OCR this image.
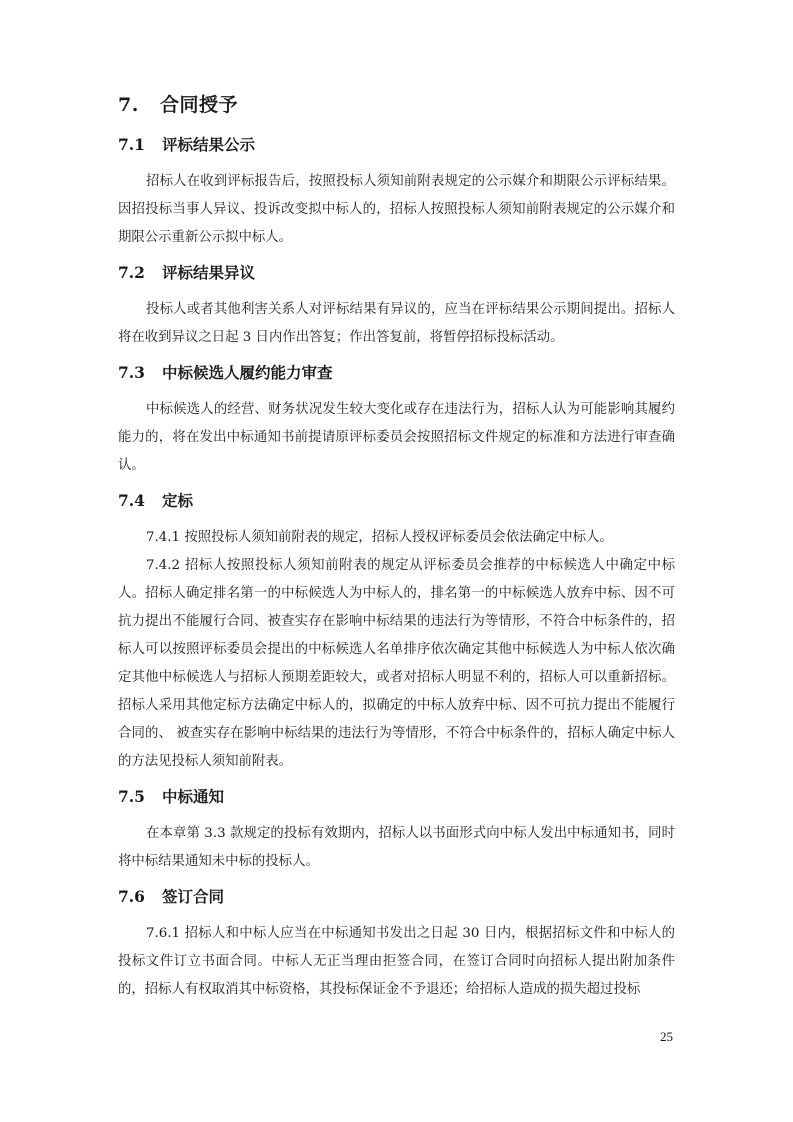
7. 合同授予
7.1 评标结果公示

招标人在收到评标报告后，按照投标人须知前附表规定的公示媒介和期限公示评标结果。因招投标当事人异议、投诉改变拟中标人的，招标人按照投标人须知前附表规定的公示媒介和期限公示重新公示拟中标人。

7.2 评标结果异议

投标人或者其他利害关系人对评标结果有异议的，应当在评标结果公示期间提出。招标人将在收到异议之日起 3 日内作出答复；作出答复前，将暂停招标投标活动。

7.3 中标候选人履约能力审查

中标候选人的经营、财务状况发生较大变化或存在违法行为，招标人认为可能影响其履约能力的，将在发出中标通知书前提请原评标委员会按照招标文件规定的标准和方法进行审查确认。

7.4 定标

7.4.1 按照投标人须知前附表的规定，招标人授权评标委员会依法确定中标人。

7.4.2 招标人按照投标人须知前附表的规定从评标委员会推荐的中标候选人中确定中标人。招标人确定排名第一的中标候选人为中标人的，排名第一的中标候选人放弃中标、因不可抗力提出不能履行合同、被查实存在影响中标结果的违法行为等情形，不符合中标条件的，招标人可以按照评标委员会提出的中标候选人名单排序依次确定其他中标候选人为中标人依次确定其他中标候选人与招标人预期差距较大，或者对招标人明显不利的，招标人可以重新招标。招标人采用其他定标方法确定中标人的，拟确定的中标人放弃中标、因不可抗力提出不能履行合同的、 被查实存在影响中标结果的违法行为等情形，不符合中标条件的，招标人确定中标人的方法见投标人须知前附表。

7.5 中标通知

在本章第 3.3 款规定的投标有效期内，招标人以书面形式向中标人发出中标通知书，同时将中标结果通知未中标的投标人。

7.6 签订合同

7.6.1 招标人和中标人应当在中标通知书发出之日起 30 日内，根据招标文件和中标人的投标文件订立书面合同。中标人无正当理由拒签合同，在签订合同时向招标人提出附加条件的，招标人有权取消其中标资格，其投标保证金不予退还；给招标人造成的损失超过投标

25
